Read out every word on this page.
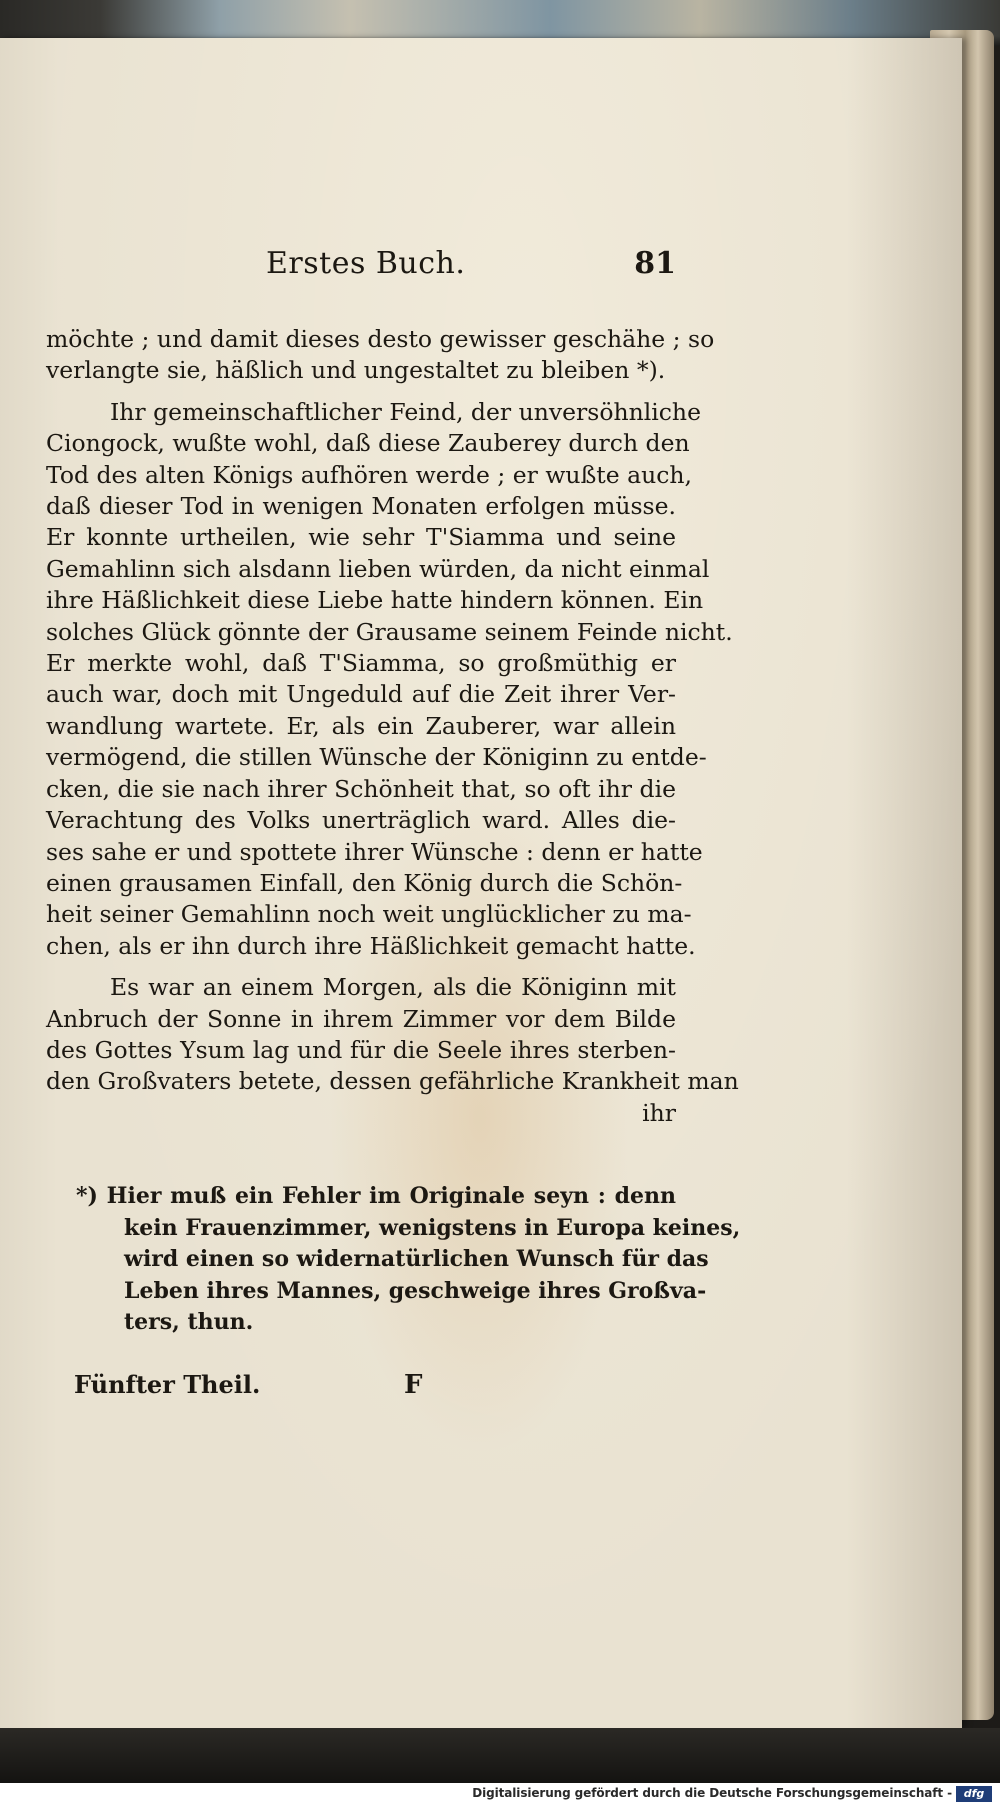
Erstes Buch.	81
möchte ; und damit dieses desto gewisser geschähe ; so
verlangte sie, häßlich und ungestaltet zu bleiben *).
Ihr gemeinschaftlicher Feind, der unversöhnliche
Ciongock, wußte wohl, daß diese Zauberey durch den
Tod des alten Königs aufhören werde ; er wußte auch,
daß dieser Tod in wenigen Monaten erfolgen müsse.
Er konnte urtheilen, wie sehr T'Siamma und seine
Gemahlinn sich alsdann lieben würden, da nicht einmal
ihre Häßlichkeit diese Liebe hatte hindern können. Ein
solches Glück gönnte der Grausame seinem Feinde nicht.
Er merkte wohl, daß T'Siamma, so großmüthig er
auch war, doch mit Ungeduld auf die Zeit ihrer Ver-
wandlung wartete. Er, als ein Zauberer, war allein
vermögend, die stillen Wünsche der Königinn zu entde-
cken, die sie nach ihrer Schönheit that, so oft ihr die
Verachtung des Volks unerträglich ward. Alles die-
ses sahe er und spottete ihrer Wünsche : denn er hatte
einen grausamen Einfall, den König durch die Schön-
heit seiner Gemahlinn noch weit unglücklicher zu ma-
chen, als er ihn durch ihre Häßlichkeit gemacht hatte.
Es war an einem Morgen, als die Königinn mit
Anbruch der Sonne in ihrem Zimmer vor dem Bilde
des Gottes Ysum lag und für die Seele ihres sterben-
den Großvaters betete, dessen gefährliche Krankheit man
ihr
*) Hier muß ein Fehler im Originale seyn : denn
kein Frauenzimmer, wenigstens in Europa keines,
wird einen so widernatürlichen Wunsch für das
Leben ihres Mannes, geschweige ihres Großva-
ters, thun.
Fünfter Theil.	F
Digitalisierung gefördert durch die Deutsche Forschungsgemeinschaft -	dfg
